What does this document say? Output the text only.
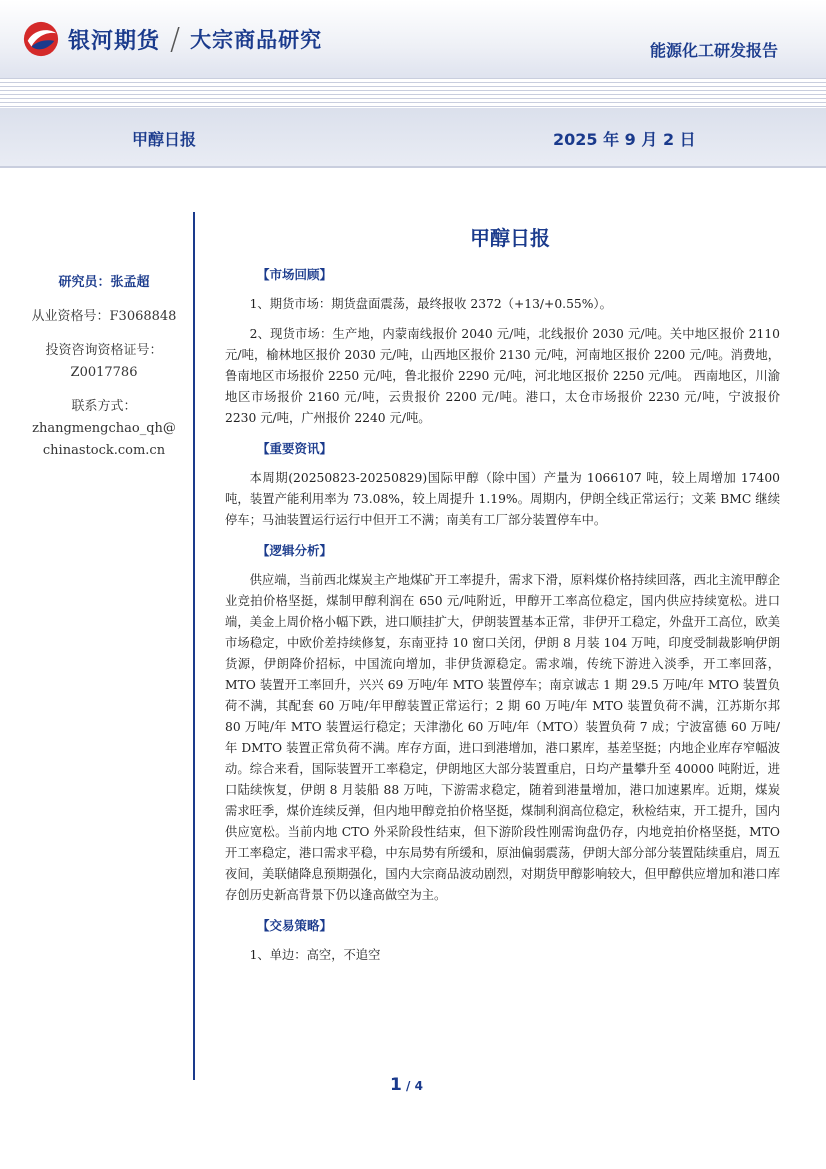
银河期货 / 大宗商品研究	能源化工研发报告
甲醇日报	2025 年 9 月 2 日
研究员：张孟超
从业资格号：F3068848
投资咨询资格证号：
Z0017786
联系方式：
zhangmengchao_qh@
chinastock.com.cn
甲醇日报
【市场回顾】

1、期货市场：期货盘面震荡，最终报收 2372（+13/+0.55%）。

2、现货市场：生产地，内蒙南线报价 2040 元/吨，北线报价 2030 元/吨。关中地区报价 2110 元/吨，榆林地区报价 2030 元/吨，山西地区报价 2130 元/吨，河南地区报价 2200 元/吨。消费地，鲁南地区市场报价 2250 元/吨，鲁北报价 2290 元/吨，河北地区报价 2250 元/吨。 西南地区，川渝地区市场报价 2160 元/吨，云贵报价 2200 元/吨。港口，太仓市场报价 2230 元/吨，宁波报价 2230 元/吨，广州报价 2240 元/吨。

【重要资讯】

本周期(20250823-20250829)国际甲醇（除中国）产量为 1066107 吨，较上周增加 17400 吨，装置产能利用率为 73.08%，较上周提升 1.19%。周期内，伊朗全线正常运行；文莱 BMC 继续停车；马油装置运行运行中但开工不满；南美有工厂部分装置停车中。

【逻辑分析】

供应端，当前西北煤炭主产地煤矿开工率提升，需求下滑，原料煤价格持续回落，西北主流甲醇企业竞拍价格坚挺，煤制甲醇利润在 650 元/吨附近，甲醇开工率高位稳定，国内供应持续宽松。进口端，美金上周价格小幅下跌，进口顺挂扩大，伊朗装置基本正常，非伊开工稳定，外盘开工高位，欧美市场稳定，中欧价差持续修复，东南亚持 10 窗口关闭，伊朗 8 月装 104 万吨，印度受制裁影响伊朗货源，伊朗降价招标，中国流向增加，非伊货源稳定。需求端，传统下游进入淡季，开工率回落，MTO 装置开工率回升，兴兴 69 万吨/年 MTO 装置停车；南京诚志 1 期 29.5 万吨/年 MTO 装置负荷不满，其配套 60 万吨/年甲醇装置正常运行；2 期 60 万吨/年 MTO 装置负荷不满，江苏斯尔邦 80 万吨/年 MTO 装置运行稳定；天津渤化 60 万吨/年（MTO）装置负荷 7 成；宁波富德 60 万吨/年 DMTO 装置正常负荷不满。库存方面，进口到港增加，港口累库，基差坚挺；内地企业库存窄幅波动。综合来看，国际装置开工率稳定，伊朗地区大部分装置重启，日均产量攀升至 40000 吨附近，进口陆续恢复，伊朗 8 月装船 88 万吨，下游需求稳定，随着到港量增加，港口加速累库。近期，煤炭需求旺季，煤价连续反弹，但内地甲醇竞拍价格坚挺，煤制利润高位稳定，秋检结束，开工提升，国内供应宽松。当前内地 CTO 外采阶段性结束，但下游阶段性刚需询盘仍存，内地竞拍价格坚挺，MTO 开工率稳定，港口需求平稳，中东局势有所缓和，原油偏弱震荡，伊朗大部分部分装置陆续重启，周五夜间，美联储降息预期强化，国内大宗商品波动剧烈，对期货甲醇影响较大，但甲醇供应增加和港口库存创历史新高背景下仍以逢高做空为主。

【交易策略】

1、单边：高空，不追空

1 / 4
